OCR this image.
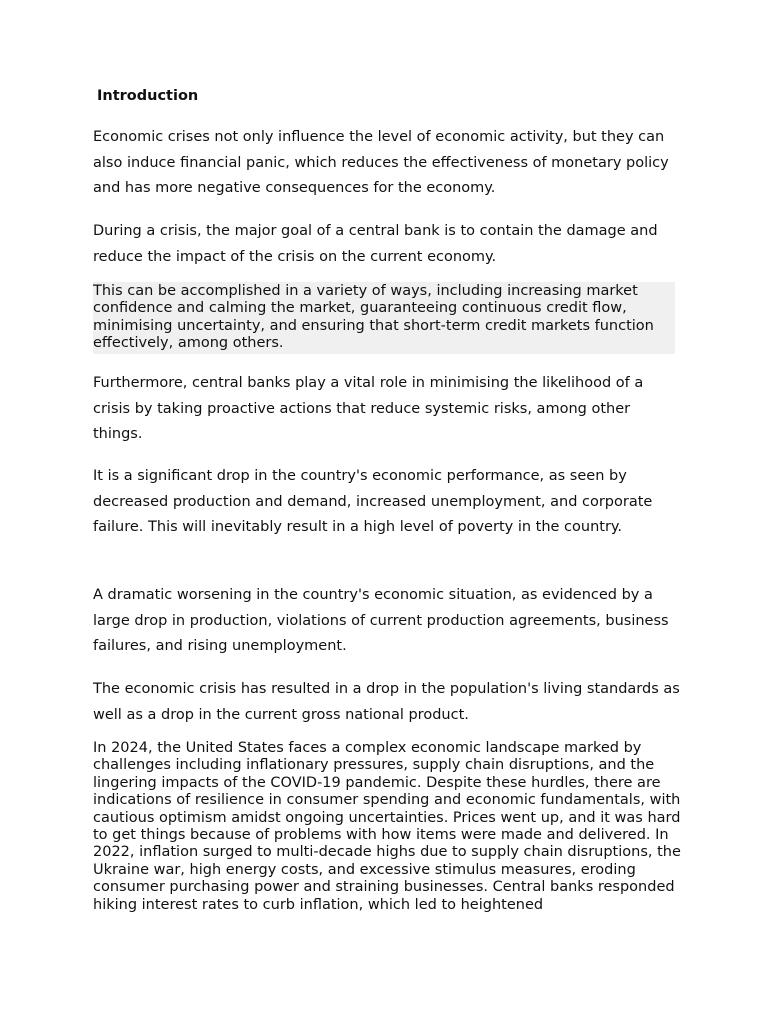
Introduction

Economic crises not only influence the level of economic activity, but they can also induce financial panic, which reduces the effectiveness of monetary policy and has more negative consequences for the economy.

During a crisis, the major goal of a central bank is to contain the damage and reduce the impact of the crisis on the current economy.

This can be accomplished in a variety of ways, including increasing market confidence and calming the market, guaranteeing continuous credit flow, minimising uncertainty, and ensuring that short-term credit markets function effectively, among others.

Furthermore, central banks play a vital role in minimising the likelihood of a crisis by taking proactive actions that reduce systemic risks, among other things.

It is a significant drop in the country's economic performance, as seen by decreased production and demand, increased unemployment, and corporate failure. This will inevitably result in a high level of poverty in the country.

A dramatic worsening in the country's economic situation, as evidenced by a large drop in production, violations of current production agreements, business failures, and rising unemployment.

The economic crisis has resulted in a drop in the population's living standards as well as a drop in the current gross national product.

In 2024, the United States faces a complex economic landscape marked by challenges including inflationary pressures, supply chain disruptions, and the lingering impacts of the COVID-19 pandemic. Despite these hurdles, there are indications of resilience in consumer spending and economic fundamentals, with cautious optimism amidst ongoing uncertainties. Prices went up, and it was hard to get things because of problems with how items were made and delivered. In 2022, inflation surged to multi-decade highs due to supply chain disruptions, the Ukraine war, high energy costs, and excessive stimulus measures, eroding consumer purchasing power and straining businesses. Central banks responded hiking interest rates to curb inflation, which led to heightened
